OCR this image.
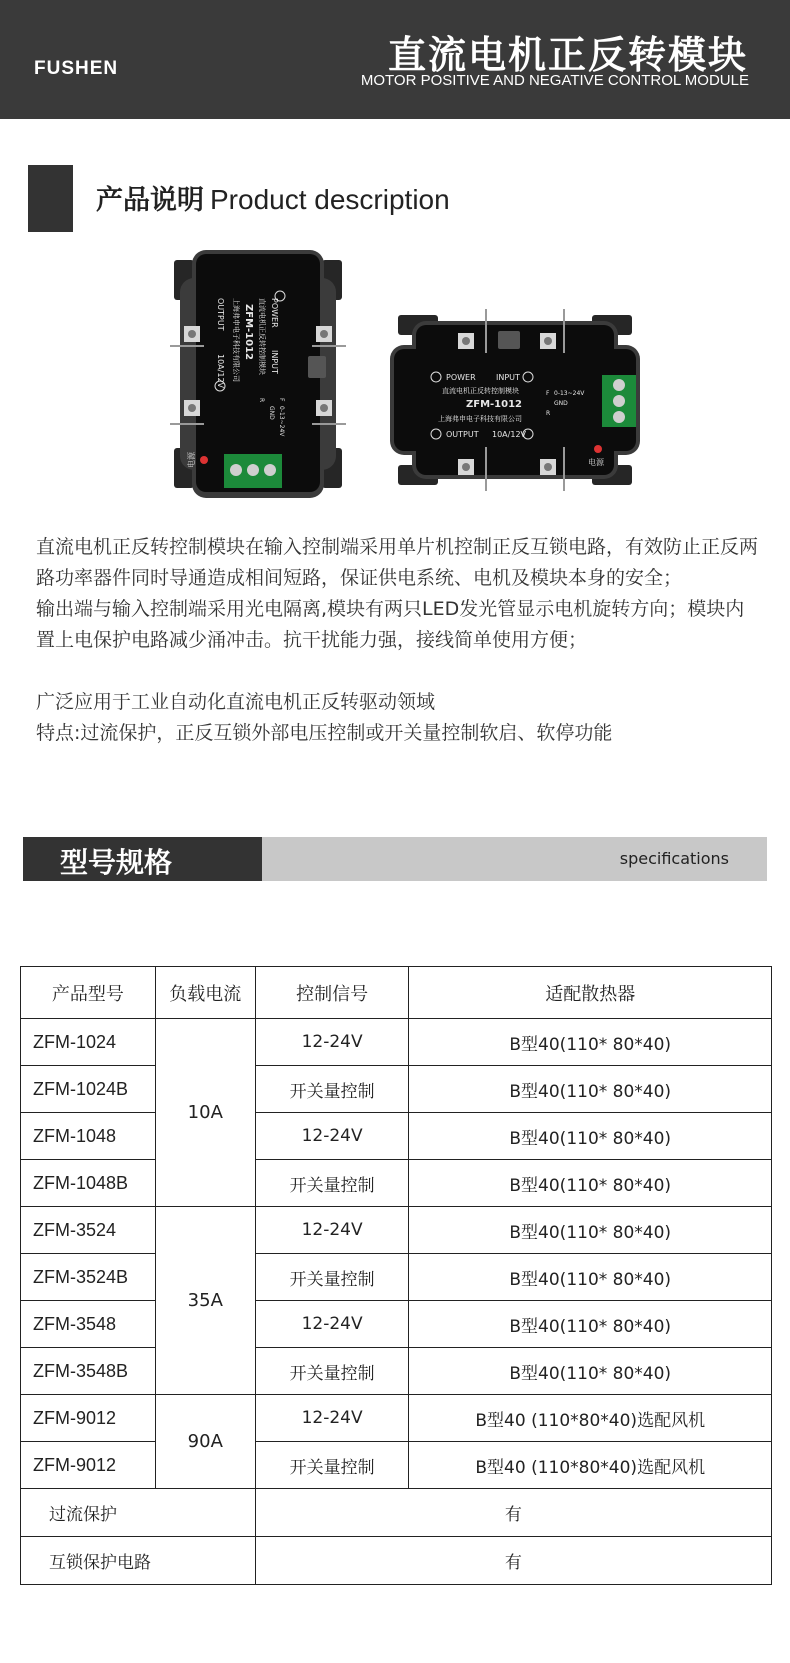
FUSHEN	直流电机正反转模块
MOTOR POSITIVE AND NEGATIVE CONTROL MODULE
产品说明 Product description
POWER
INPUT
直流电机正反转控制模块
ZFM-1012
上海弗申电子科技有限公司
OUTPUT
10A/12V
F
0-13~24V
GND
R
电源
POWER	INPUT
直流电机正反转控制模块
ZFM-1012
上海弗申电子科技有限公司
OUTPUT 10A/12V
F 0-13~24V
GND
R
电源

直流电机正反转控制模块在输入控制端采用单片机控制正反互锁电路，有效防止正反两路功率器件同时导通造成相间短路，保证供电系统、电机及模块本身的安全；

输出端与输入控制端采用光电隔离,模块有两只LED发光管显示电机旋转方向；模块内置上电保护电路减少涌冲击。抗干扰能力强，接线简单使用方便；

广泛应用于工业自动化直流电机正反转驱动领域

特点:过流保护，正反互锁外部电压控制或开关量控制软启、软停功能

型号规格	specifications
产品型号	负载电流	控制信号	适配散热器
ZFM-1024	10A	12-24V	B型40(110* 80*40)
ZFM-1024B		开关量控制	B型40(110* 80*40)
ZFM-1048		12-24V	B型40(110* 80*40)
ZFM-1048B		开关量控制	B型40(110* 80*40)
ZFM-3524	35A	12-24V	B型40(110* 80*40)
ZFM-3524B		开关量控制	B型40(110* 80*40)
ZFM-3548		12-24V	B型40(110* 80*40)
ZFM-3548B		开关量控制	B型40(110* 80*40)
ZFM-9012	90A	12-24V	B型40 (110*80*40)选配风机
ZFM-9012		开关量控制	B型40 (110*80*40)选配风机
过流保护		有	
互锁保护电路		有	
